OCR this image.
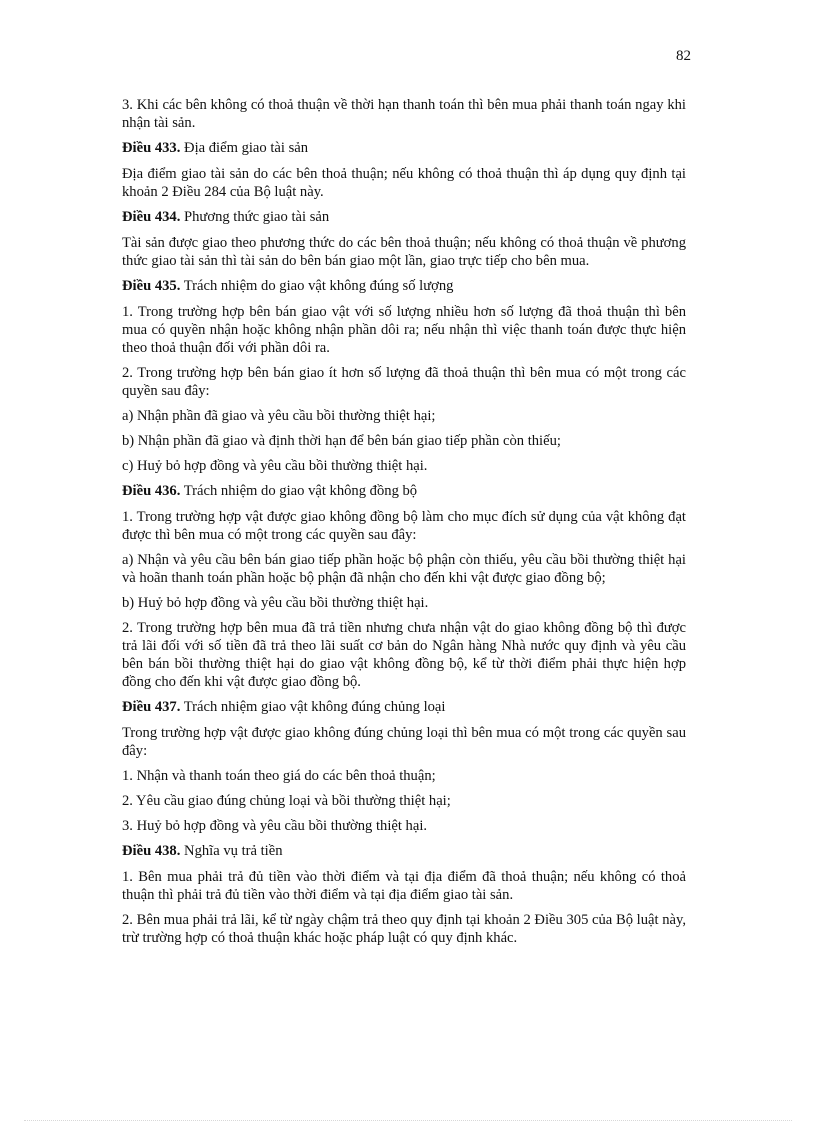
82

3. Khi các bên không có thoả thuận về thời hạn thanh toán thì bên mua phải thanh toán ngay khi nhận tài sản.

Điều 433. Địa điểm giao tài sản

Địa điểm giao tài sản do các bên thoả thuận; nếu không có thoả thuận thì áp dụng quy định tại khoản 2 Điều 284 của Bộ luật này.

Điều 434. Phương thức giao tài sản

Tài sản được giao theo phương thức do các bên thoả thuận; nếu không có thoả thuận về phương thức giao tài sản thì tài sản do bên bán giao một lần, giao trực tiếp cho bên mua.

Điều 435. Trách nhiệm do giao vật không đúng số lượng

1. Trong trường hợp bên bán giao vật với số lượng nhiều hơn số lượng đã thoả thuận thì bên mua có quyền nhận hoặc không nhận phần dôi ra; nếu nhận thì việc thanh toán được thực hiện theo thoả thuận đối với phần dôi ra.

2. Trong trường hợp bên bán giao ít hơn số lượng đã thoả thuận thì bên mua có một trong các quyền sau đây:

a) Nhận phần đã giao và yêu cầu bồi thường thiệt hại;

b) Nhận phần đã giao và định thời hạn để bên bán giao tiếp phần còn thiếu;

c) Huỷ bỏ hợp đồng và yêu cầu bồi thường thiệt hại.

Điều 436. Trách nhiệm do giao vật không đồng bộ

1. Trong trường hợp vật được giao không đồng bộ làm cho mục đích sử dụng của vật không đạt được thì bên mua có một trong các quyền sau đây:

a) Nhận và yêu cầu bên bán giao tiếp phần hoặc bộ phận còn thiếu, yêu cầu bồi thường thiệt hại và hoãn thanh toán phần hoặc bộ phận đã nhận cho đến khi vật được giao đồng bộ;

b) Huỷ bỏ hợp đồng và yêu cầu bồi thường thiệt hại.

2. Trong trường hợp bên mua đã trả tiền nhưng chưa nhận vật do giao không đồng bộ thì được trả lãi đối với số tiền đã trả theo lãi suất cơ bản do Ngân hàng Nhà nước quy định và yêu cầu bên bán bồi thường thiệt hại do giao vật không đồng bộ, kể từ thời điểm phải thực hiện hợp đồng cho đến khi vật được giao đồng bộ.

Điều 437. Trách nhiệm giao vật không đúng chủng loại

Trong trường hợp vật được giao không đúng chủng loại thì bên mua có một trong các quyền sau đây:

1. Nhận và thanh toán theo giá do các bên thoả thuận;

2. Yêu cầu giao đúng chủng loại và bồi thường thiệt hại;

3. Huỷ bỏ hợp đồng và yêu cầu bồi thường thiệt hại.

Điều 438. Nghĩa vụ trả tiền

1. Bên mua phải trả đủ tiền vào thời điểm và tại địa điểm đã thoả thuận; nếu không có thoả thuận thì phải trả đủ tiền vào thời điểm và tại địa điểm giao tài sản.

2. Bên mua phải trả lãi, kể từ ngày chậm trả theo quy định tại khoản 2 Điều 305 của Bộ luật này, trừ trường hợp có thoả thuận khác hoặc pháp luật có quy định khác.
